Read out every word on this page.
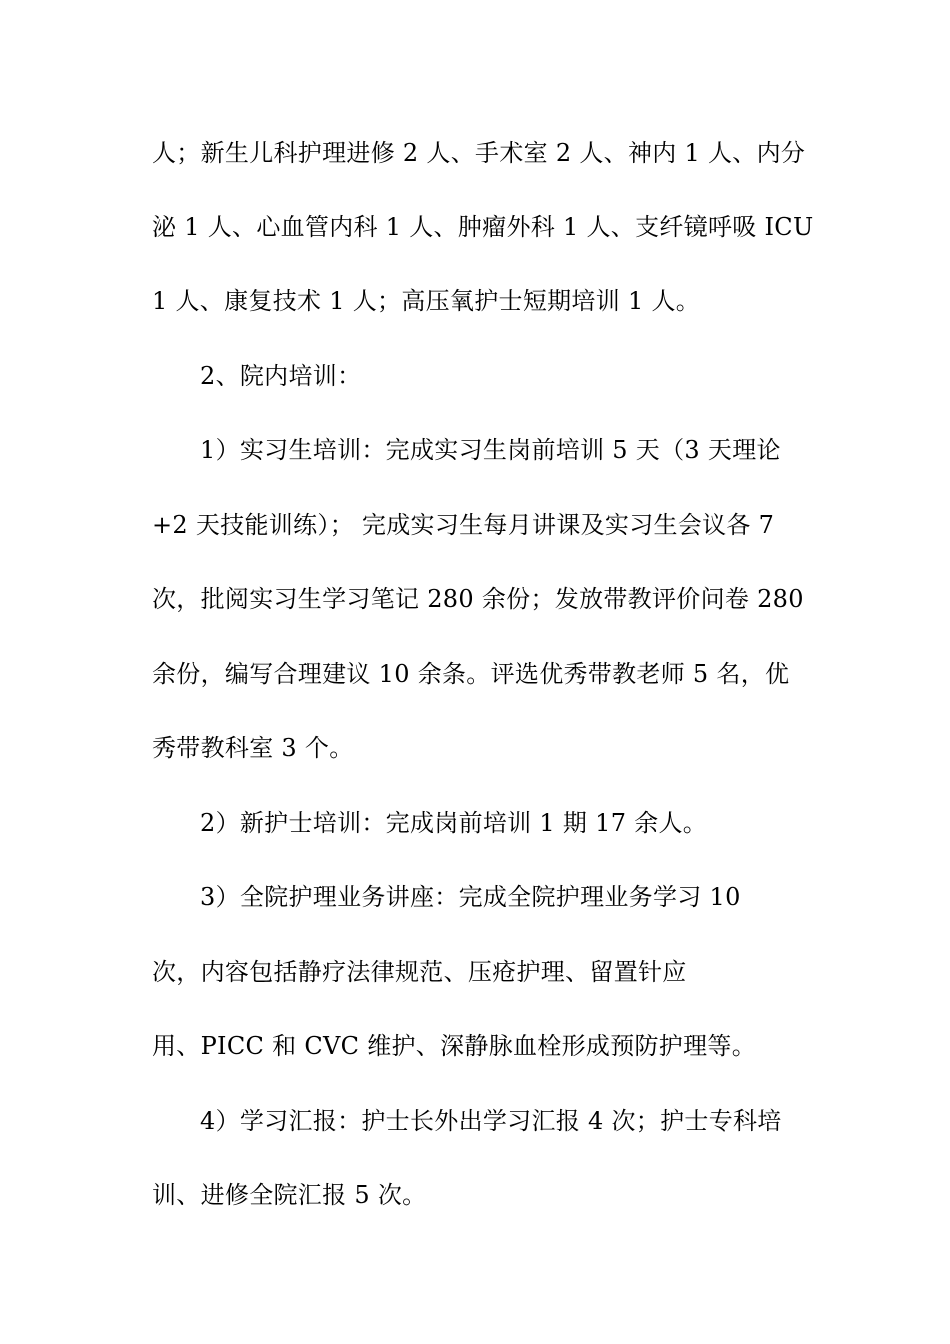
人；新生儿科护理进修 2 人、手术室 2 人、神内 1 人、内分
泌 1 人、心血管内科 1 人、肿瘤外科 1 人、支纤镜呼吸 ICU
1 人、康复技术 1 人；高压氧护士短期培训 1 人。
2、院内培训：
1）实习生培训：完成实习生岗前培训 5 天（3 天理论
+2 天技能训练）； 完成实习生每月讲课及实习生会议各 7
次，批阅实习生学习笔记 280 余份；发放带教评价问卷 280
余份，编写合理建议 10 余条。评选优秀带教老师 5 名，优
秀带教科室 3 个。
2）新护士培训：完成岗前培训 1 期 17 余人。
3）全院护理业务讲座：完成全院护理业务学习 10
次，内容包括静疗法律规范、压疮护理、留置针应
用、PICC 和 CVC 维护、深静脉血栓形成预防护理等。
4）学习汇报：护士长外出学习汇报 4 次；护士专科培
训、进修全院汇报 5 次。
